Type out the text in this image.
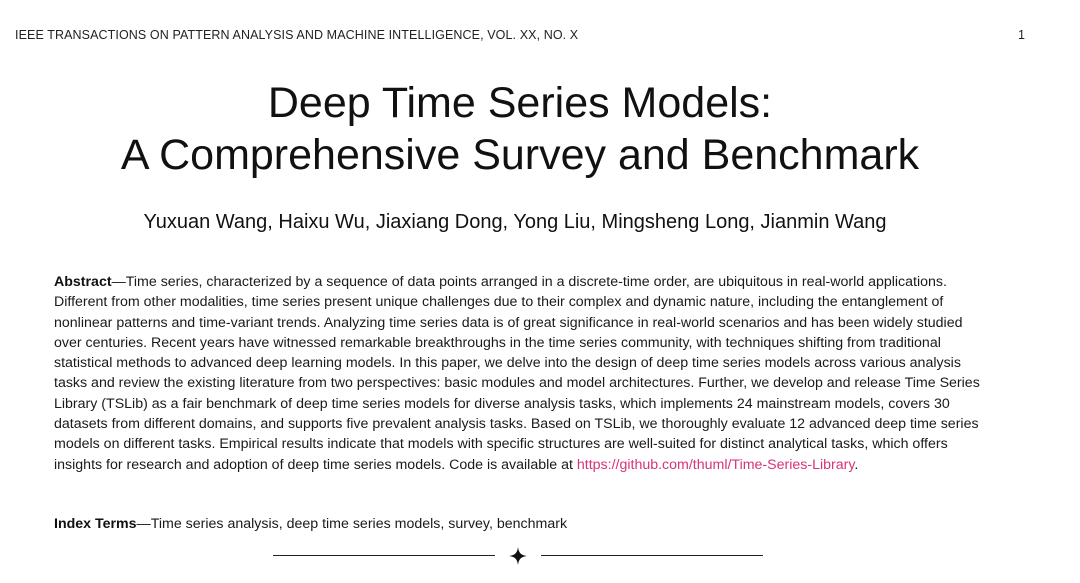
IEEE TRANSACTIONS ON PATTERN ANALYSIS AND MACHINE INTELLIGENCE, VOL. XX, NO. X	1
Deep Time Series Models:
A Comprehensive Survey and Benchmark
Yuxuan Wang, Haixu Wu, Jiaxiang Dong, Yong Liu, Mingsheng Long, Jianmin Wang

Abstract—Time series, characterized by a sequence of data points arranged in a discrete-time order, are ubiquitous in real-world applications. Different from other modalities, time series present unique challenges due to their complex and dynamic nature, including the entanglement of nonlinear patterns and time-variant trends. Analyzing time series data is of great significance in real-world scenarios and has been widely studied over centuries. Recent years have witnessed remarkable breakthroughs in the time series community, with techniques shifting from traditional statistical methods to advanced deep learning models. In this paper, we delve into the design of deep time series models across various analysis tasks and review the existing literature from two perspectives: basic modules and model architectures. Further, we develop and release Time Series Library (TSLib) as a fair benchmark of deep time series models for diverse analysis tasks, which implements 24 mainstream models, covers 30 datasets from different domains, and supports five prevalent analysis tasks. Based on TSLib, we thoroughly evaluate 12 advanced deep time series models on different tasks. Empirical results indicate that models with specific structures are well-suited for distinct analytical tasks, which offers insights for research and adoption of deep time series models. Code is available at https://github.com/thuml/Time-Series-Library.

Index Terms—Time series analysis, deep time series models, survey, benchmark
